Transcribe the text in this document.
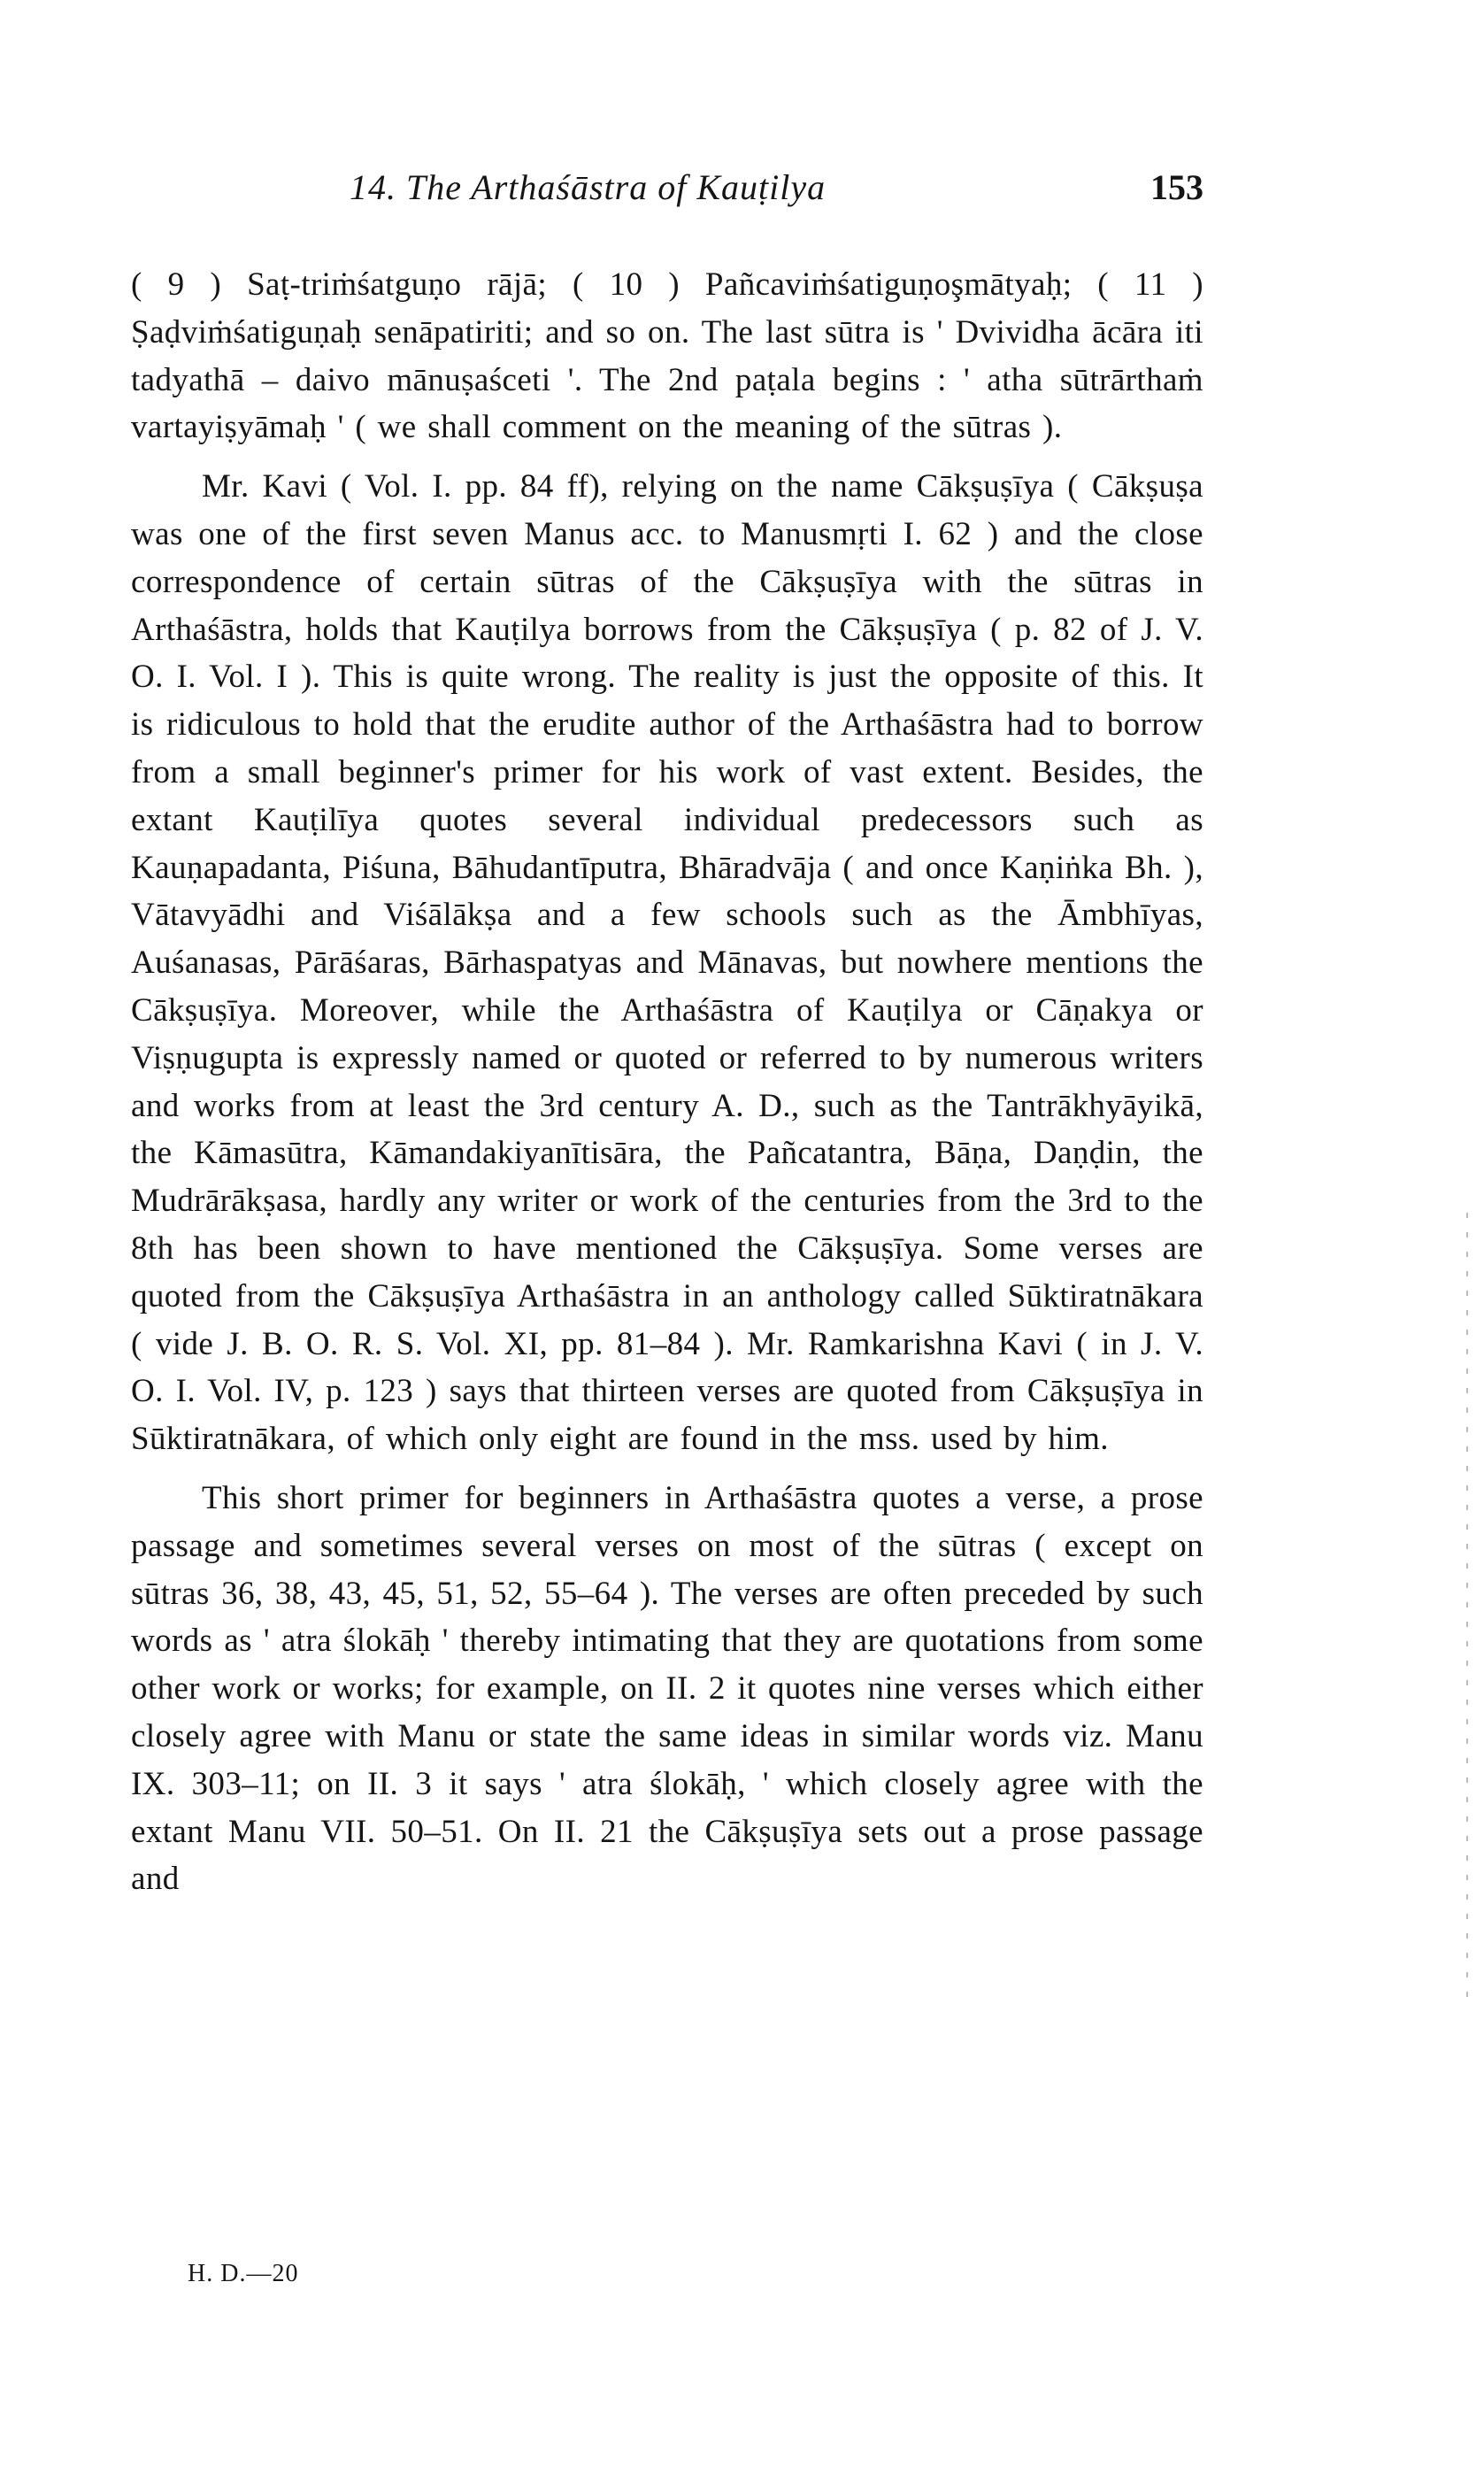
14. The Arthaśāstra of Kauṭilya	153

( 9 ) Saṭ-triṁśatguṇo rājā; ( 10 ) Pañcaviṁśatiguṇoşmātyaḥ; ( 11 ) Ṣaḍviṁśatiguṇaḥ senāpatiriti; and so on. The last sūtra is ' Dvividha ācāra iti tadyathā – daivo mānuṣaśceti '. The 2nd paṭala begins : ' atha sūtrārthaṁ vartayiṣyāmaḥ ' ( we shall comment on the meaning of the sūtras ).

Mr. Kavi ( Vol. I. pp. 84 ff), relying on the name Cākṣuṣīya ( Cākṣuṣa was one of the first seven Manus acc. to Manusmṛti I. 62 ) and the close correspondence of certain sūtras of the Cākṣuṣīya with the sūtras in Arthaśāstra, holds that Kauṭilya borrows from the Cākṣuṣīya ( p. 82 of J. V. O. I. Vol. I ). This is quite wrong. The reality is just the opposite of this. It is ridiculous to hold that the erudite author of the Arthaśāstra had to borrow from a small beginner's primer for his work of vast extent. Besides, the extant Kauṭilīya quotes several individual predecessors such as Kauṇapadanta, Piśuna, Bāhudantīputra, Bhāradvāja ( and once Kaṇiṅka Bh. ), Vātavyādhi and Viśālākṣa and a few schools such as the Āmbhīyas, Auśanasas, Pārāśaras, Bārhaspatyas and Mānavas, but nowhere mentions the Cākṣuṣīya. Moreover, while the Arthaśāstra of Kauṭilya or Cāṇakya or Viṣṇugupta is expressly named or quoted or referred to by numerous writers and works from at least the 3rd century A. D., such as the Tantrākhyāyikā, the Kāmasūtra, Kāmandakiyanītisāra, the Pañcatantra, Bāṇa, Daṇḍin, the Mudrārākṣasa, hardly any writer or work of the centuries from the 3rd to the 8th has been shown to have mentioned the Cākṣuṣīya. Some verses are quoted from the Cākṣuṣīya Arthaśāstra in an anthology called Sūktiratnākara ( vide J. B. O. R. S. Vol. XI, pp. 81–84 ). Mr. Ramkarishna Kavi ( in J. V. O. I. Vol. IV, p. 123 ) says that thirteen verses are quoted from Cākṣuṣīya in Sūktiratnākara, of which only eight are found in the mss. used by him.

This short primer for beginners in Arthaśāstra quotes a verse, a prose passage and sometimes several verses on most of the sūtras ( except on sūtras 36, 38, 43, 45, 51, 52, 55–64 ). The verses are often preceded by such words as ' atra ślokāḥ ' thereby intimating that they are quotations from some other work or works; for example, on II. 2 it quotes nine verses which either closely agree with Manu or state the same ideas in similar words viz. Manu IX. 303–11; on II. 3 it says ' atra ślokāḥ, ' which closely agree with the extant Manu VII. 50–51. On II. 21 the Cākṣuṣīya sets out a prose passage and

H. D.—20
